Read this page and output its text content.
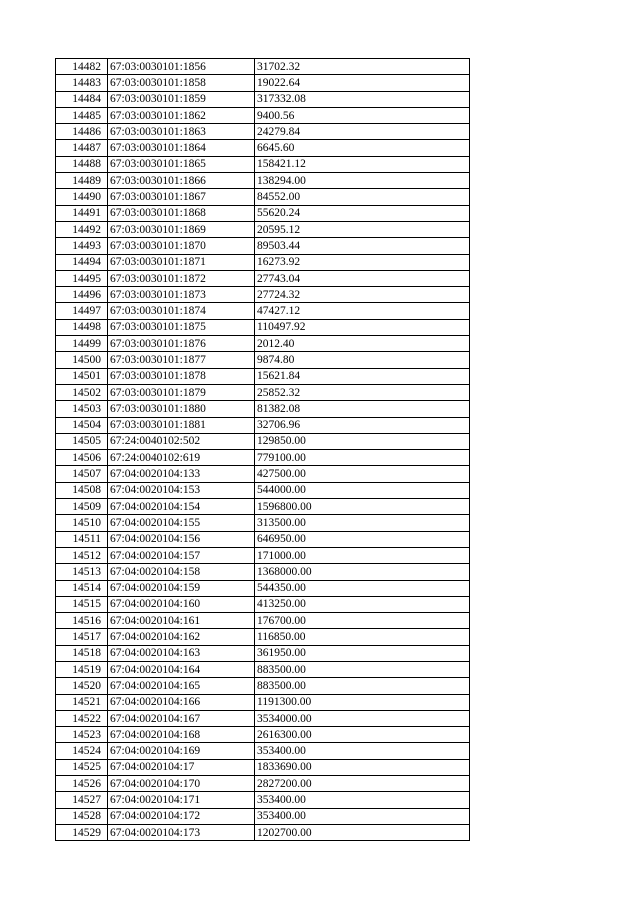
14482	67:03:0030101:1856	31702.32
14483	67:03:0030101:1858	19022.64
14484	67:03:0030101:1859	317332.08
14485	67:03:0030101:1862	9400.56
14486	67:03:0030101:1863	24279.84
14487	67:03:0030101:1864	6645.60
14488	67:03:0030101:1865	158421.12
14489	67:03:0030101:1866	138294.00
14490	67:03:0030101:1867	84552.00
14491	67:03:0030101:1868	55620.24
14492	67:03:0030101:1869	20595.12
14493	67:03:0030101:1870	89503.44
14494	67:03:0030101:1871	16273.92
14495	67:03:0030101:1872	27743.04
14496	67:03:0030101:1873	27724.32
14497	67:03:0030101:1874	47427.12
14498	67:03:0030101:1875	110497.92
14499	67:03:0030101:1876	2012.40
14500	67:03:0030101:1877	9874.80
14501	67:03:0030101:1878	15621.84
14502	67:03:0030101:1879	25852.32
14503	67:03:0030101:1880	81382.08
14504	67:03:0030101:1881	32706.96
14505	67:24:0040102:502	129850.00
14506	67:24:0040102:619	779100.00
14507	67:04:0020104:133	427500.00
14508	67:04:0020104:153	544000.00
14509	67:04:0020104:154	1596800.00
14510	67:04:0020104:155	313500.00
14511	67:04:0020104:156	646950.00
14512	67:04:0020104:157	171000.00
14513	67:04:0020104:158	1368000.00
14514	67:04:0020104:159	544350.00
14515	67:04:0020104:160	413250.00
14516	67:04:0020104:161	176700.00
14517	67:04:0020104:162	116850.00
14518	67:04:0020104:163	361950.00
14519	67:04:0020104:164	883500.00
14520	67:04:0020104:165	883500.00
14521	67:04:0020104:166	1191300.00
14522	67:04:0020104:167	3534000.00
14523	67:04:0020104:168	2616300.00
14524	67:04:0020104:169	353400.00
14525	67:04:0020104:17	1833690.00
14526	67:04:0020104:170	2827200.00
14527	67:04:0020104:171	353400.00
14528	67:04:0020104:172	353400.00
14529	67:04:0020104:173	1202700.00
